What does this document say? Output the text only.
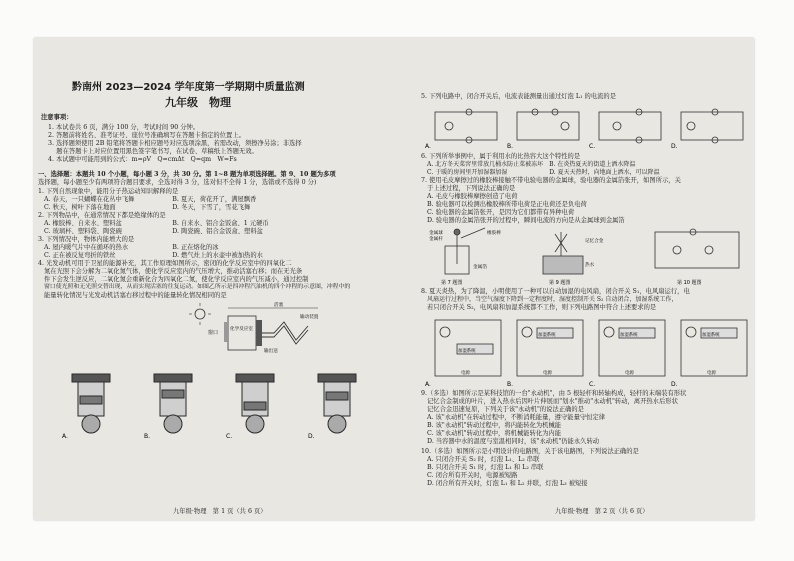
黔南州 2023—2024 学年度第一学期期中质量监测
九年级　物理
注意事项：
1. 本试卷共 6 页，满分 100 分，考试时间 90 分钟。
2. 答题前将姓名、准考证号、座位号准确填写在答题卡指定的位置上。
3. 选择题须使用 2B 铅笔将答题卡相应题号对应选项涂黑，若需改动，须擦净另涂；非选择
　 题在答题卡上对应位置用黑色签字笔书写，在试卷、草稿纸上答题无效。
4. 本试题中可能用到的公式：m=ρV　Q=cmΔt　Q=qm　W=Fs
一、选择题：本题共 10 个小题，每小题 3 分，共 30 分。第 1~8 题为单项选择题。第 9、10 题为多项
选择题，每小题至少有两项符合题目要求，全选对得 3 分，选对但不全得 1 分，选错或不选得 0 分)
1. 下列自然现象中，能用分子热运动知识解释的是
A. 春天，一只蝴蝶在花丛中飞舞　　　　　　B. 夏天，荷花开了，满屋飘香
C. 秋天，树叶下落在地面　　　　　　　　　D. 冬天，下雪了，雪花飞舞
2. 下列物品中，在通常情况下都是绝缘体的是
A. 橡胶棒、自来水、塑料盆　　　　　　　　B. 自来水、铝合金饭盒、1 元硬币
C. 玻璃杯、塑料袋、陶瓷碗　　　　　　　　D. 陶瓷碗、铝合金饭盒、塑料盆
3. 下列情况中，物体内能增大的是
A. 屋内暖气片中在循环的热水　　　　　　　B. 正在熔化的冰
C. 正在被反复弯折的铁丝　　　　　　　　　D. 燃气灶上的水壶中被加热的水
4. 光发动机可用于卫星的能源补充，其工作原理如图所示，密闭的化学反应室中的四氧化二
氮在光照下会分解为二氧化氮气体，使化学反应室内的气压增大，推动活塞右移；而在无光条
件下会发生逆反应，二氧化氮会重新化合为四氧化二氮，使化学反应室内的气压减小，通过控制
窗口使光照和无光照交替出现，从而实现活塞的往复运动。如图乙所示是四冲程汽油机的四个冲程的示意图，冲程中的
能量转化情况与光发动机活塞右移过程中的能量转化情况相同的是
窗口
化学反应室
输出送
输动装置
活塞
A.	B.	C.	D.
九年级·物理　第 1 页（共 6 页）
5. 下列电路中，闭合开关后，电流表能测量出通过灯泡 L₁ 的电流的是
A.	B.	C.	D.
6. 下列所举事例中，属于利用水的比热容大这个特性的是
A. 北方冬天菜窖里常放几桶水防止菜被冻坏　B. 在炎热夏天的街道上洒水降温
C. 于暖的房间里开加湿器加湿　　　　　　　D. 夏天天热时，向地面上洒水，可以降温
7. 使用毛皮摩擦过的橡胶棒接触不带电验电器的金属球，验电器的金属箔张开，如图所示，关
于上述过程，下列说法正确的是
A. 毛皮与橡胶棒摩擦创造了电荷
B. 验电器可以检测出橡胶棒所带电荷是正电荷还是负电荷
C. 验电器的金属箔张开，是因为它们都带有异种电荷
D. 验电器的金属箔张开的过程中，瞬间电流的方向是从金属球到金属箔
金属球
金属杆
橡胶棒
金属箔
记忆合金
热水
第 7 题图	第 9 题图	第 10 题图
8. 夏天炎热，为了降温，小明使用了一种可以自动加湿的电风扇，闭合开关 S₁，电风扇运行，电
风扇运行过程中，当空气湿度下降到一定程度时，湿度控制开关 S₂ 自动闭合，加湿系统工作，
若只闭合开关 S₂，电风扇和加湿系统都不工作，则下列电路图中符合上述要求的是
加湿系统
加湿系统	加湿系统	加湿系统
电源	电源	电源	电源
A.	B.	C.	D.
9.（多选）如图所示是某科技馆的一台"永动机"，由 5 根轻杆和转轴构成，轻杆的末端装有形状
记忆合金制成的叶片，进入热水后因叶片伸展而"划水"推动"永动机"转动，离开热水后形状
记忆合金迅速复原，下列关于该"永动机"的说法正确的是
A. 该"永动机"在转动过程中，不断消耗能量，遵守能量守恒定律
B. 该"永动机"转动过程中，将内能转化为机械能
C. 该"永动机"转动过程中，将机械能转化为内能
D. 当容器中水的温度与室温相同时，该"永动机"仍能永久转动
10.（多选）如图所示是小明设计的电路图，关于该电路图，下列说法正确的是
A. 只闭合开关 S₂ 时，灯泡 L₁、L₂ 串联
B. 只闭合开关 S₁ 时，灯泡 L₁ 和 L₂ 串联
C. 闭合所有开关时，电源被短路
D. 闭合所有开关时，灯泡 L₁ 和 L₂ 并联，灯泡 L₃ 被短接
九年级·物理　第 2 页（共 6 页）
